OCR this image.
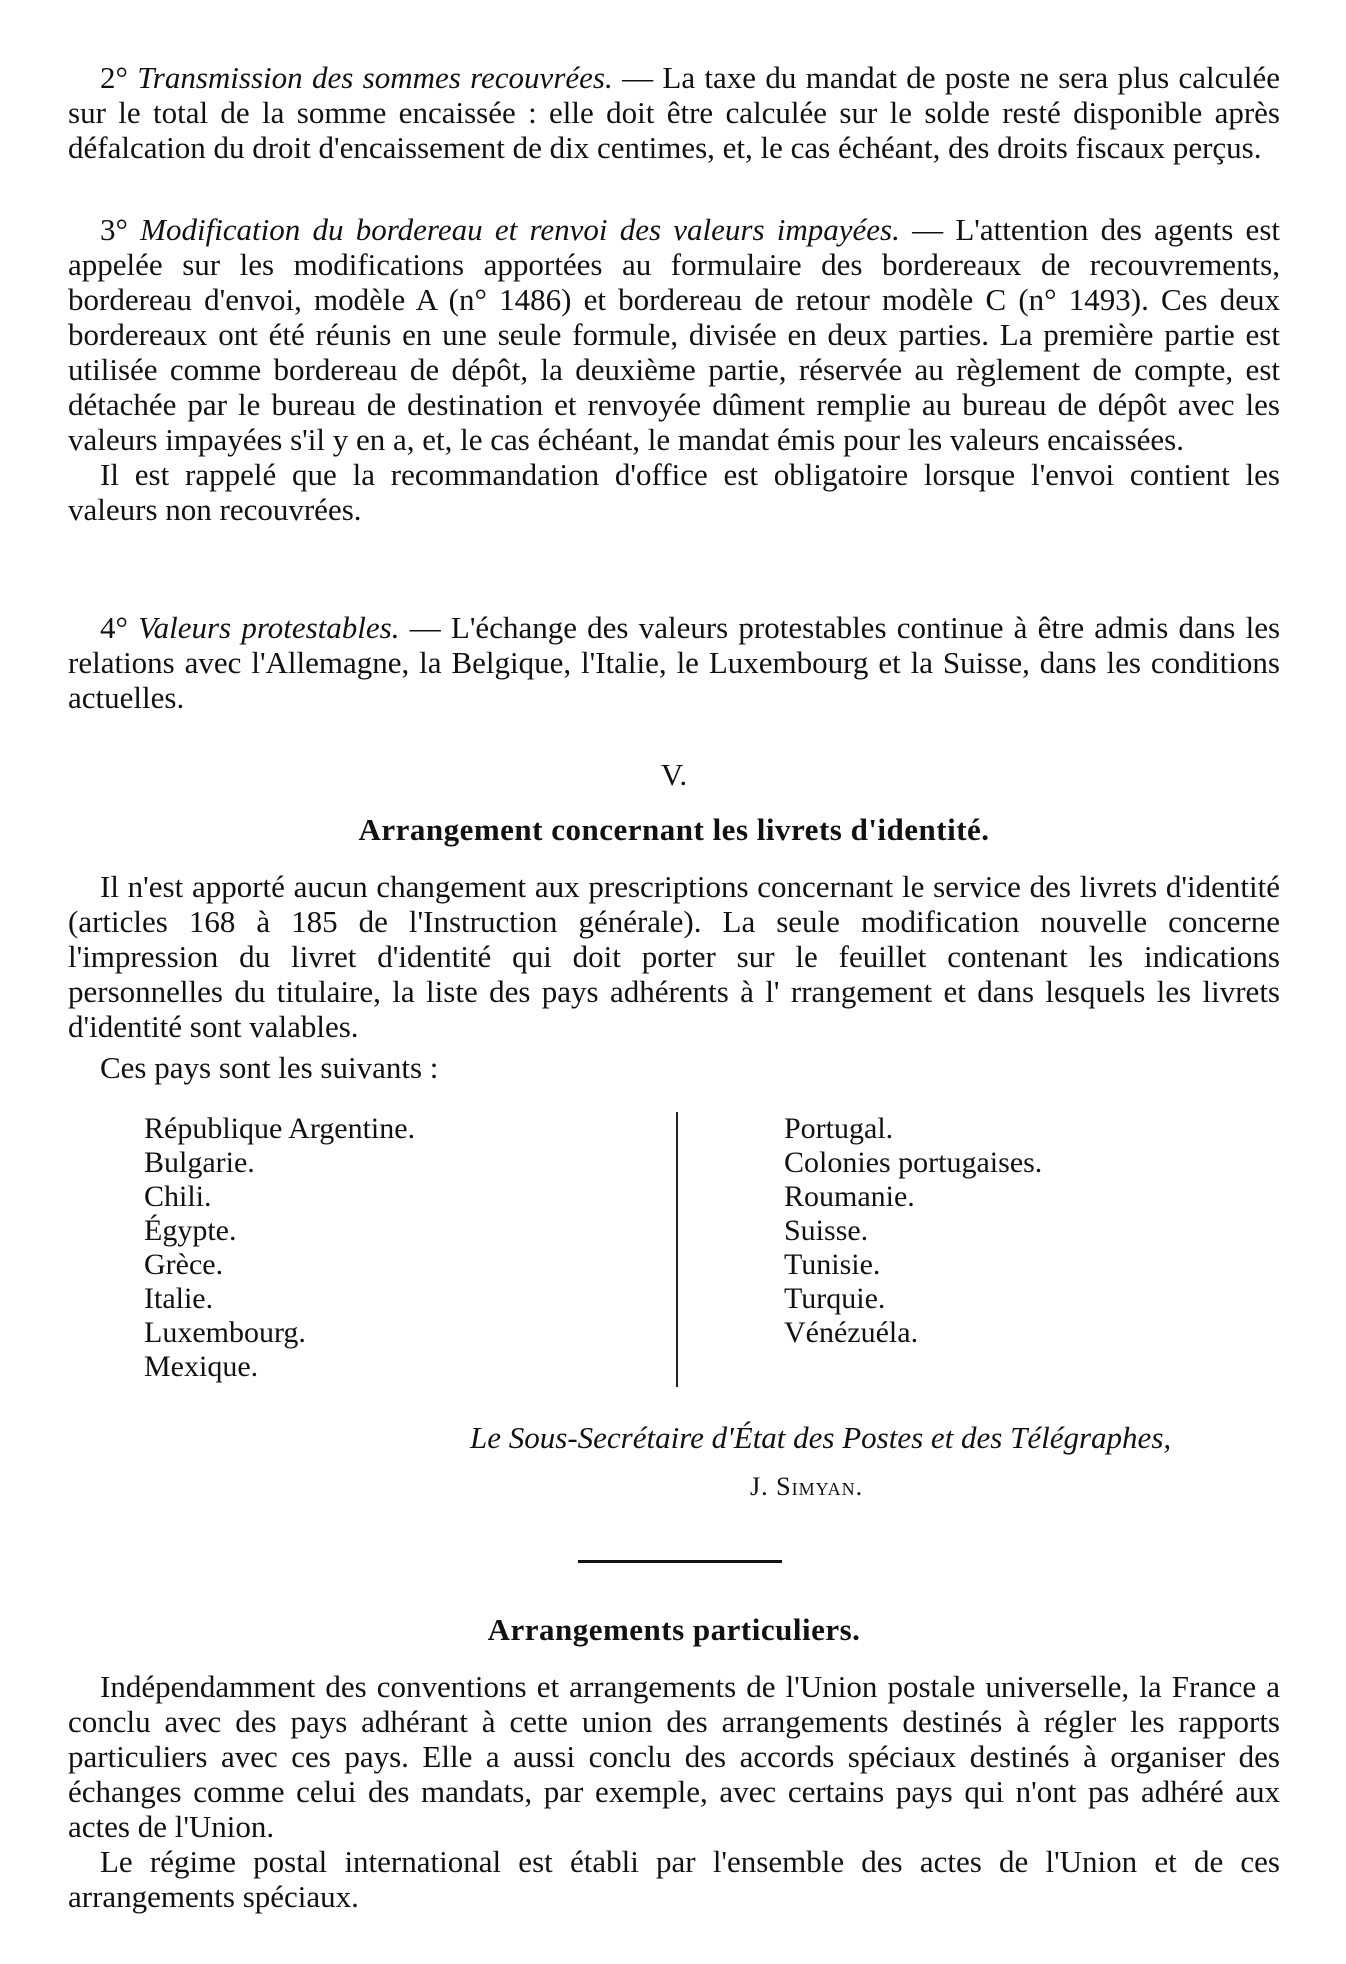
2° Transmission des sommes recouvrées. — La taxe du mandat de poste ne sera plus calculée sur le total de la somme encaissée : elle doit être calculée sur le solde resté disponible après défalcation du droit d'encaissement de dix centimes, et, le cas échéant, des droits fiscaux perçus.

3° Modification du bordereau et renvoi des valeurs impayées. — L'attention des agents est appelée sur les modifications apportées au formulaire des bordereaux de recouvrements, bordereau d'envoi, modèle A (n° 1486) et bordereau de retour modèle C (n° 1493). Ces deux bordereaux ont été réunis en une seule formule, divisée en deux parties. La première partie est utilisée comme bordereau de dépôt, la deuxième partie, réservée au règlement de compte, est détachée par le bureau de destination et renvoyée dûment remplie au bureau de dépôt avec les valeurs impayées s'il y en a, et, le cas échéant, le mandat émis pour les valeurs encaissées.

Il est rappelé que la recommandation d'office est obligatoire lorsque l'envoi contient les valeurs non recouvrées.

4° Valeurs protestables. — L'échange des valeurs protestables continue à être admis dans les relations avec l'Allemagne, la Belgique, l'Italie, le Luxembourg et la Suisse, dans les conditions actuelles.

V.

Arrangement concernant les livrets d'identité.

Il n'est apporté aucun changement aux prescriptions concernant le service des livrets d'identité (articles 168 à 185 de l'Instruction générale). La seule modification nouvelle concerne l'impression du livret d'identité qui doit porter sur le feuillet contenant les indications personnelles du titulaire, la liste des pays adhérents à l' rrangement et dans lesquels les livrets d'identité sont valables.

Ces pays sont les suivants :

République Argentine.
Bulgarie.
Chili.
Égypte.
Grèce.
Italie.
Luxembourg.
Mexique.
Portugal.
Colonies portugaises.
Roumanie.
Suisse.
Tunisie.
Turquie.
Vénézuéla.
Le Sous-Secrétaire d'État des Postes et des Télégraphes,
J. Simyan.

Arrangements particuliers.

Indépendamment des conventions et arrangements de l'Union postale universelle, la France a conclu avec des pays adhérant à cette union des arrangements destinés à régler les rapports particuliers avec ces pays. Elle a aussi conclu des accords spéciaux destinés à organiser des échanges comme celui des mandats, par exemple, avec certains pays qui n'ont pas adhéré aux actes de l'Union.

Le régime postal international est établi par l'ensemble des actes de l'Union et de ces arrangements spéciaux.
